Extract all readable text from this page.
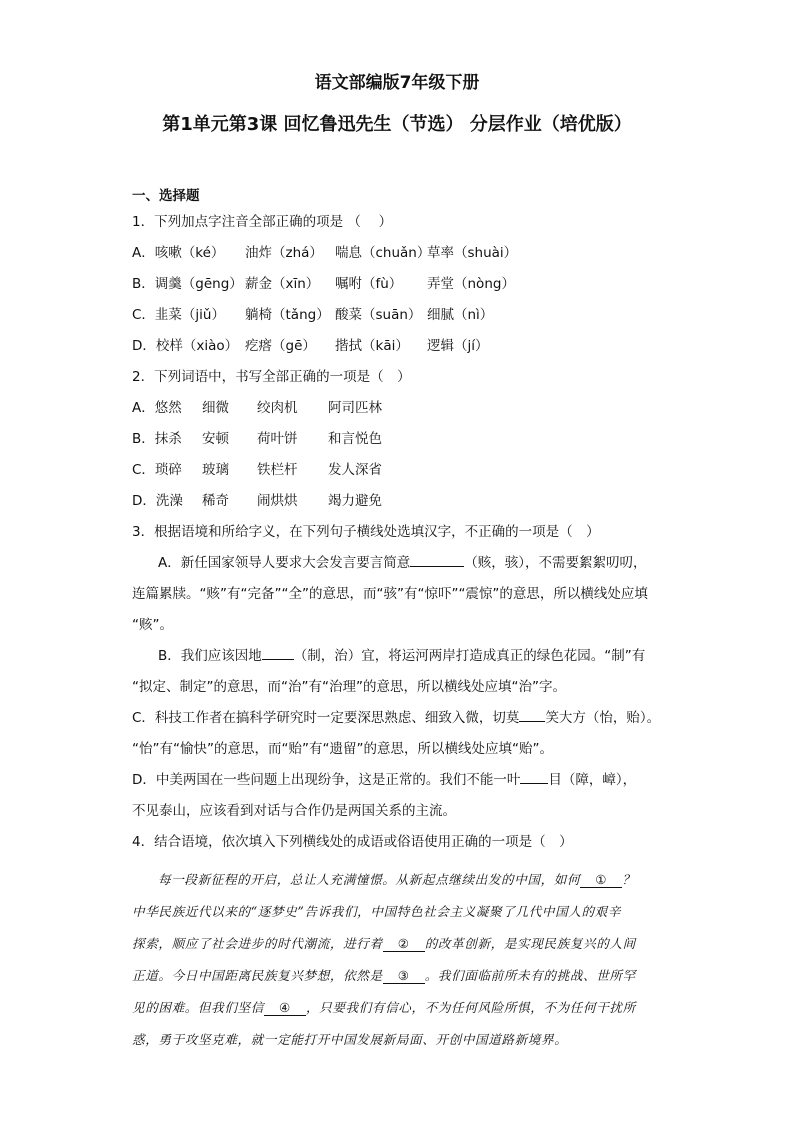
语文部编版7年级下册
第1单元第3课 回忆鲁迅先生（节选） 分层作业（培优版）
一、选择题
1．下列加点字注音全部正确的项是 （　 ）
A．咳嗽（ké） 油炸（zhá） 喘息（chuǎn）草率（shuài）
B．调羹（gēng） 薪金（xīn） 嘱咐（fù） 弄堂（nòng）
C．韭菜（jiǔ） 躺椅（tǎng） 酸菜（suān） 细腻（nì）
D．校样（xiào） 疙瘩（gē） 揩拭（kāi） 逻辑（jí）
2．下列词语中，书写全部正确的一项是（　）
A．悠然 细微 绞肉机 阿司匹林
B．抹杀 安顿 荷叶饼 和言悦色
C．琐碎 玻璃 铁栏杆 发人深省
D．洗澡 稀奇 闹烘烘 竭力避免
3．根据语境和所给字义，在下列句子横线处选填汉字，不正确的一项是（　）
A．新任国家领导人要求大会发言要言简意	（赅，骇），不需要絮絮叨叨，
连篇累牍。“赅”有“完备”“全”的意思，而“骇”有“惊吓”“震惊”的意思，所以横线处应填
“赅”。
B．我们应该因地 （制，治）宜，将运河两岸打造成真正的绿色花园。“制”有
“拟定、制定”的意思，而“治”有“治理”的意思，所以横线处应填“治”字。
C．科技工作者在搞科学研究时一定要深思熟虑、细致入微，切莫 笑大方（怡，贻）。
“怡”有“愉快”的意思，而“贻”有“遗留”的意思，所以横线处应填“贻”。
D．中美两国在一些问题上出现纷争，这是正常的。我们不能一叶 目（障，嶂），
不见泰山，应该看到对话与合作仍是两国关系的主流。
4．结合语境，依次填入下列横线处的成语或俗语使用正确的一项是（　）
每一段新征程的开启，总让人充满憧憬。从新起点继续出发的中国，如何 ① ？
中华民族近代以来的“逐梦史”告诉我们，中国特色社会主义凝聚了几代中国人的艰辛
探索，顺应了社会进步的时代潮流，进行着 ② 的改革创新，是实现民族复兴的人间
正道。今日中国距离民族复兴梦想，依然是 ③ 。我们面临前所未有的挑战、世所罕
见的困难。但我们坚信 ④ ，只要我们有信心，不为任何风险所惧，不为任何干扰所
惑，勇于攻坚克难，就一定能打开中国发展新局面、开创中国道路新境界。
